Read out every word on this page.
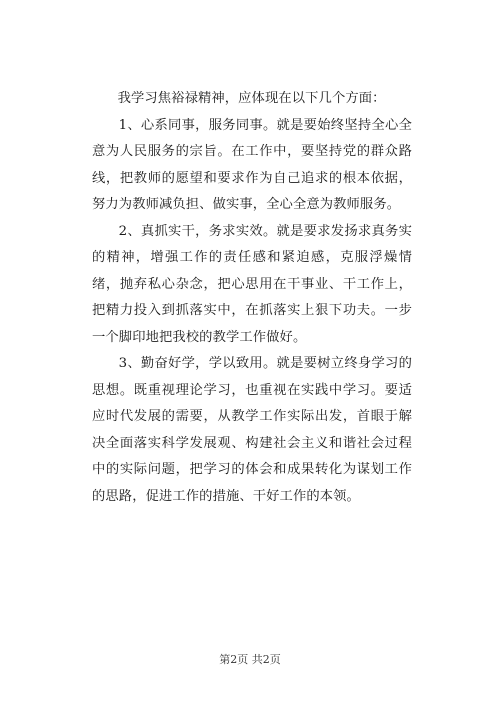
我学习焦裕禄精神，应体现在以下几个方面：

1、心系同事，服务同事。就是要始终坚持全心全意为人民服务的宗旨。在工作中，要坚持党的群众路线，把教师的愿望和要求作为自己追求的根本依据，努力为教师减负担、做实事，全心全意为教师服务。

2、真抓实干，务求实效。就是要求发扬求真务实的精神，增强工作的责任感和紧迫感，克服浮燥情绪，抛弃私心杂念，把心思用在干事业、干工作上，把精力投入到抓落实中，在抓落实上狠下功夫。一步一个脚印地把我校的教学工作做好。

3、勤奋好学，学以致用。就是要树立终身学习的思想。既重视理论学习，也重视在实践中学习。要适应时代发展的需要，从教学工作实际出发，首眼于解决全面落实科学发展观、构建社会主义和谐社会过程中的实际问题，把学习的体会和成果转化为谋划工作的思路，促进工作的措施、干好工作的本领。

第2页 共2页
